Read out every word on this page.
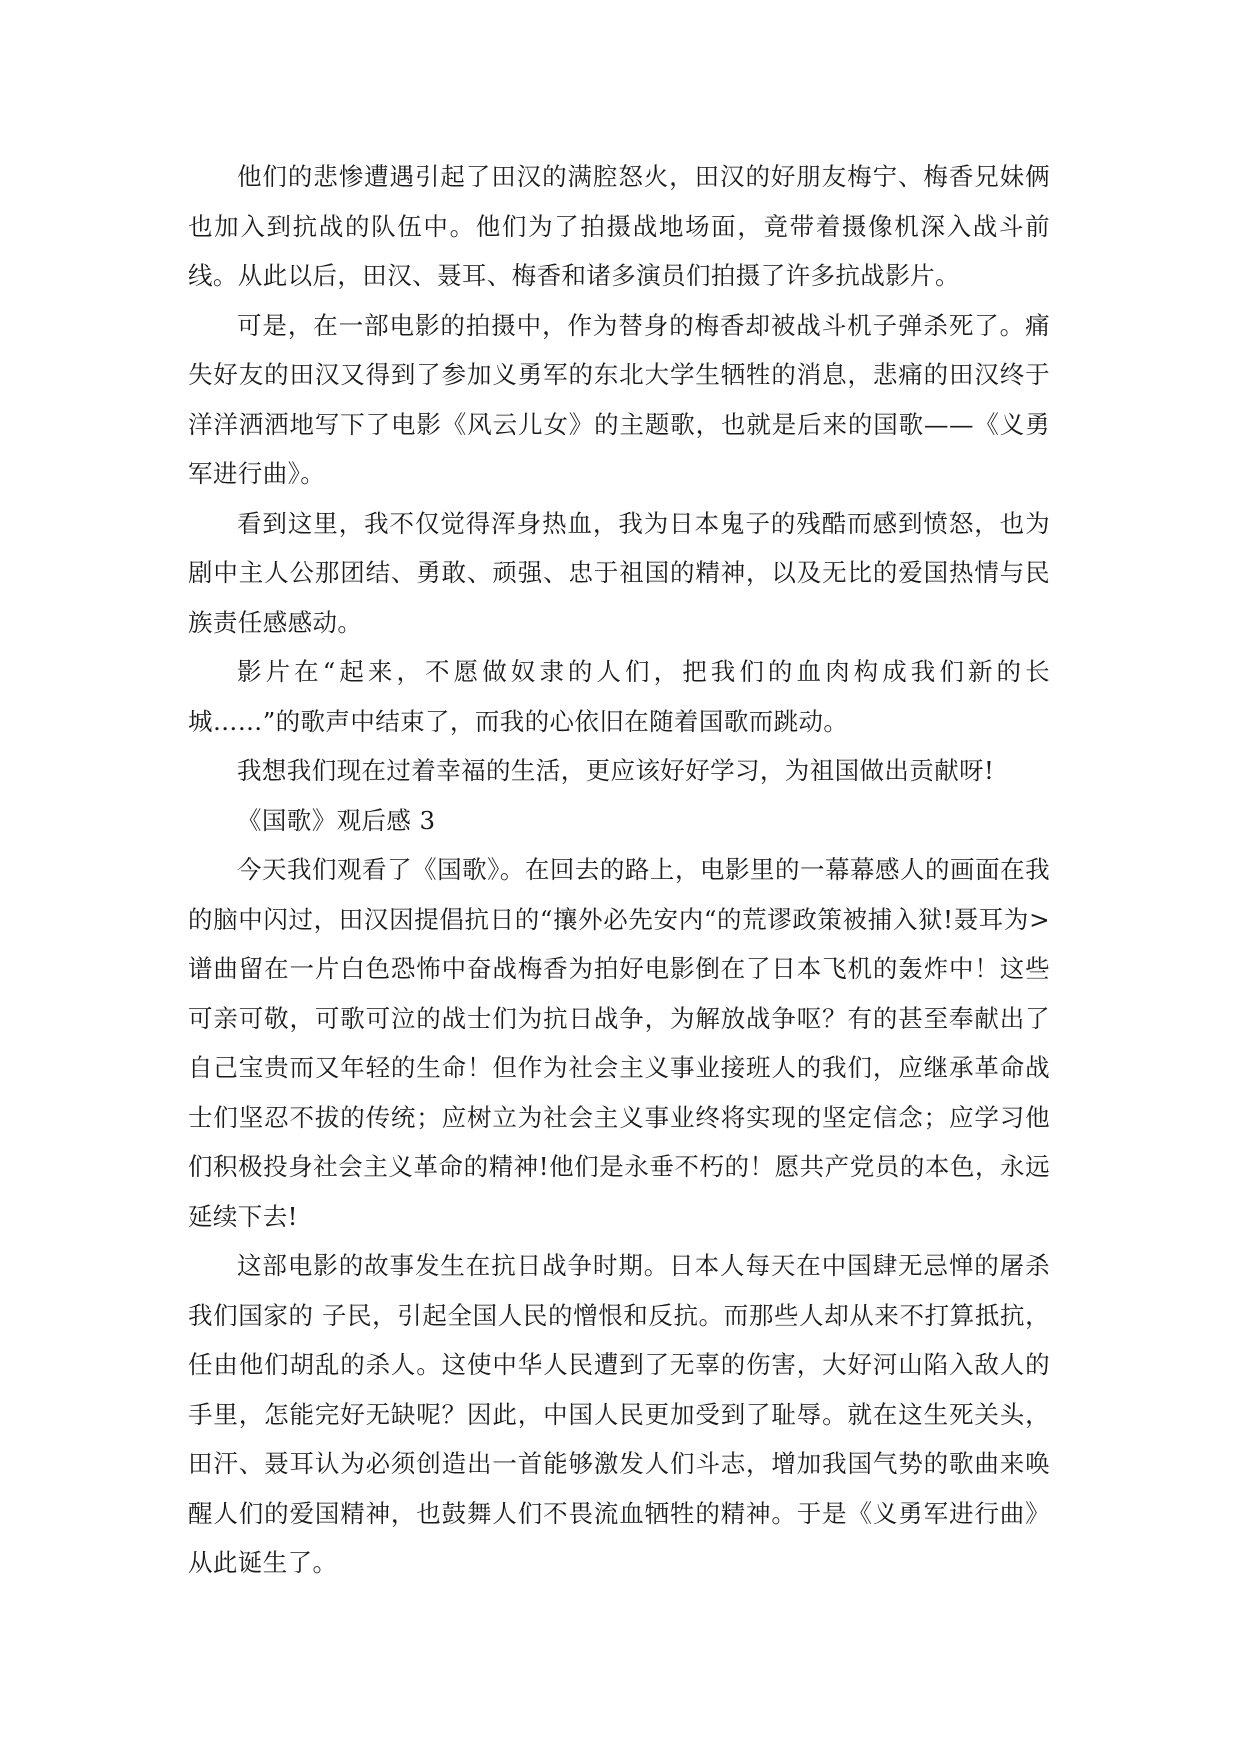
他们的悲惨遭遇引起了田汉的满腔怒火，田汉的好朋友梅宁、梅香兄妹俩也加入到抗战的队伍中。他们为了拍摄战地场面，竟带着摄像机深入战斗前线。从此以后，田汉、聂耳、梅香和诸多演员们拍摄了许多抗战影片。

可是，在一部电影的拍摄中，作为替身的梅香却被战斗机子弹杀死了。痛失好友的田汉又得到了参加义勇军的东北大学生牺牲的消息，悲痛的田汉终于洋洋洒洒地写下了电影《风云儿女》的主题歌，也就是后来的国歌——《义勇军进行曲》。

看到这里，我不仅觉得浑身热血，我为日本鬼子的残酷而感到愤怒，也为剧中主人公那团结、勇敢、顽强、忠于祖国的精神，以及无比的爱国热情与民族责任感感动。

影片在“起来，不愿做奴隶的人们，把我们的血肉构成我们新的长城……”的歌声中结束了，而我的心依旧在随着国歌而跳动。

我想我们现在过着幸福的生活，更应该好好学习，为祖国做出贡献呀!

《国歌》观后感 3

今天我们观看了《国歌》。在回去的路上，电影里的一幕幕感人的画面在我的脑中闪过，田汉因提倡抗日的“攘外必先安内“的荒谬政策被捕入狱!聂耳为>谱曲留在一片白色恐怖中奋战梅香为拍好电影倒在了日本飞机的轰炸中！这些可亲可敬，可歌可泣的战士们为抗日战争，为解放战争呕？有的甚至奉献出了自己宝贵而又年轻的生命！但作为社会主义事业接班人的我们，应继承革命战士们坚忍不拔的传统；应树立为社会主义事业终将实现的坚定信念；应学习他们积极投身社会主义革命的精神!他们是永垂不朽的！愿共产党员的本色，永远延续下去!

这部电影的故事发生在抗日战争时期。日本人每天在中国肆无忌惮的屠杀我们国家的 子民，引起全国人民的憎恨和反抗。而那些人却从来不打算抵抗，任由他们胡乱的杀人。这使中华人民遭到了无辜的伤害，大好河山陷入敌人的手里，怎能完好无缺呢？因此，中国人民更加受到了耻辱。就在这生死关头，田汗、聂耳认为必须创造出一首能够激发人们斗志，增加我国气势的歌曲来唤醒人们的爱国精神，也鼓舞人们不畏流血牺牲的精神。于是《义勇军进行曲》从此诞生了。
